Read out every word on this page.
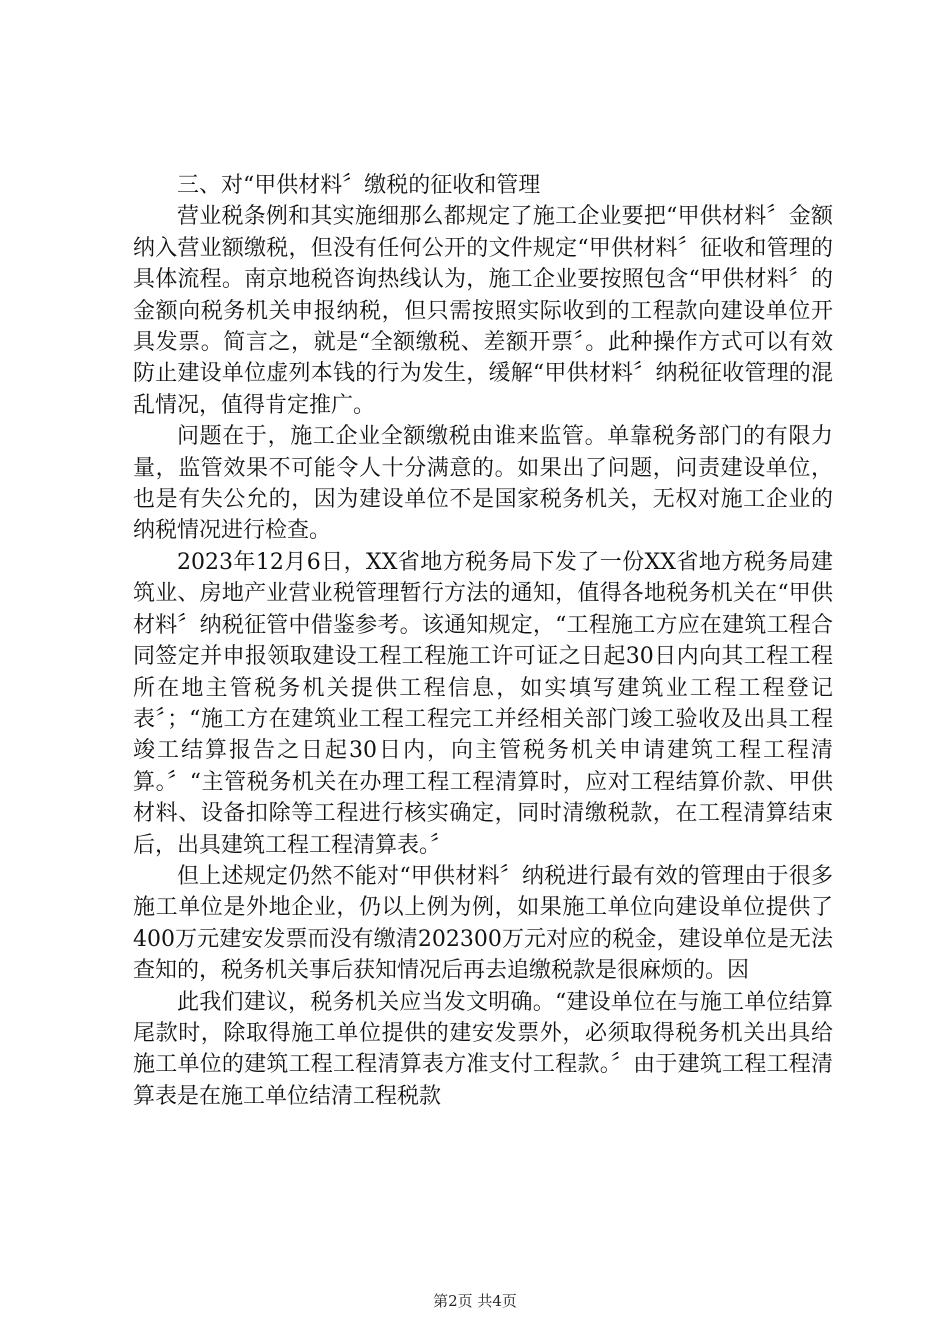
三、对“甲供材料〞缴税的征收和管理

营业税条例和其实施细那么都规定了施工企业要把“甲供材料〞金额纳入营业额缴税，但没有任何公开的文件规定“甲供材料〞征收和管理的具体流程。南京地税咨询热线认为，施工企业要按照包含“甲供材料〞的金额向税务机关申报纳税，但只需按照实际收到的工程款向建设单位开具发票。简言之，就是“全额缴税、差额开票〞。此种操作方式可以有效防止建设单位虚列本钱的行为发生，缓解“甲供材料〞纳税征收管理的混乱情况，值得肯定推广。

问题在于，施工企业全额缴税由谁来监管。单靠税务部门的有限力量，监管效果不可能令人十分满意的。如果出了问题，问责建设单位，也是有失公允的，因为建设单位不是国家税务机关，无权对施工企业的纳税情况进行检查。

2023年12月6日，XX省地方税务局下发了一份XX省地方税务局建筑业、房地产业营业税管理暂行方法的通知，值得各地税务机关在“甲供材料〞纳税征管中借鉴参考。该通知规定，“工程施工方应在建筑工程合同签定并申报领取建设工程工程施工许可证之日起30日内向其工程工程所在地主管税务机关提供工程信息，如实填写建筑业工程工程登记表〞；“施工方在建筑业工程工程完工并经相关部门竣工验收及出具工程竣工结算报告之日起30日内，向主管税务机关申请建筑工程工程清算。〞“主管税务机关在办理工程工程清算时，应对工程结算价款、甲供材料、设备扣除等工程进行核实确定，同时清缴税款，在工程清算结束后，出具建筑工程工程清算表。〞

但上述规定仍然不能对“甲供材料〞纳税进行最有效的管理由于很多施工单位是外地企业，仍以上例为例，如果施工单位向建设单位提供了400万元建安发票而没有缴清202300万元对应的税金，建设单位是无法查知的，税务机关事后获知情况后再去追缴税款是很麻烦的。因

此我们建议，税务机关应当发文明确。“建设单位在与施工单位结算尾款时，除取得施工单位提供的建安发票外，必须取得税务机关出具给施工单位的建筑工程工程清算表方准支付工程款。〞由于建筑工程工程清算表是在施工单位结清工程税款

第2页 共4页
